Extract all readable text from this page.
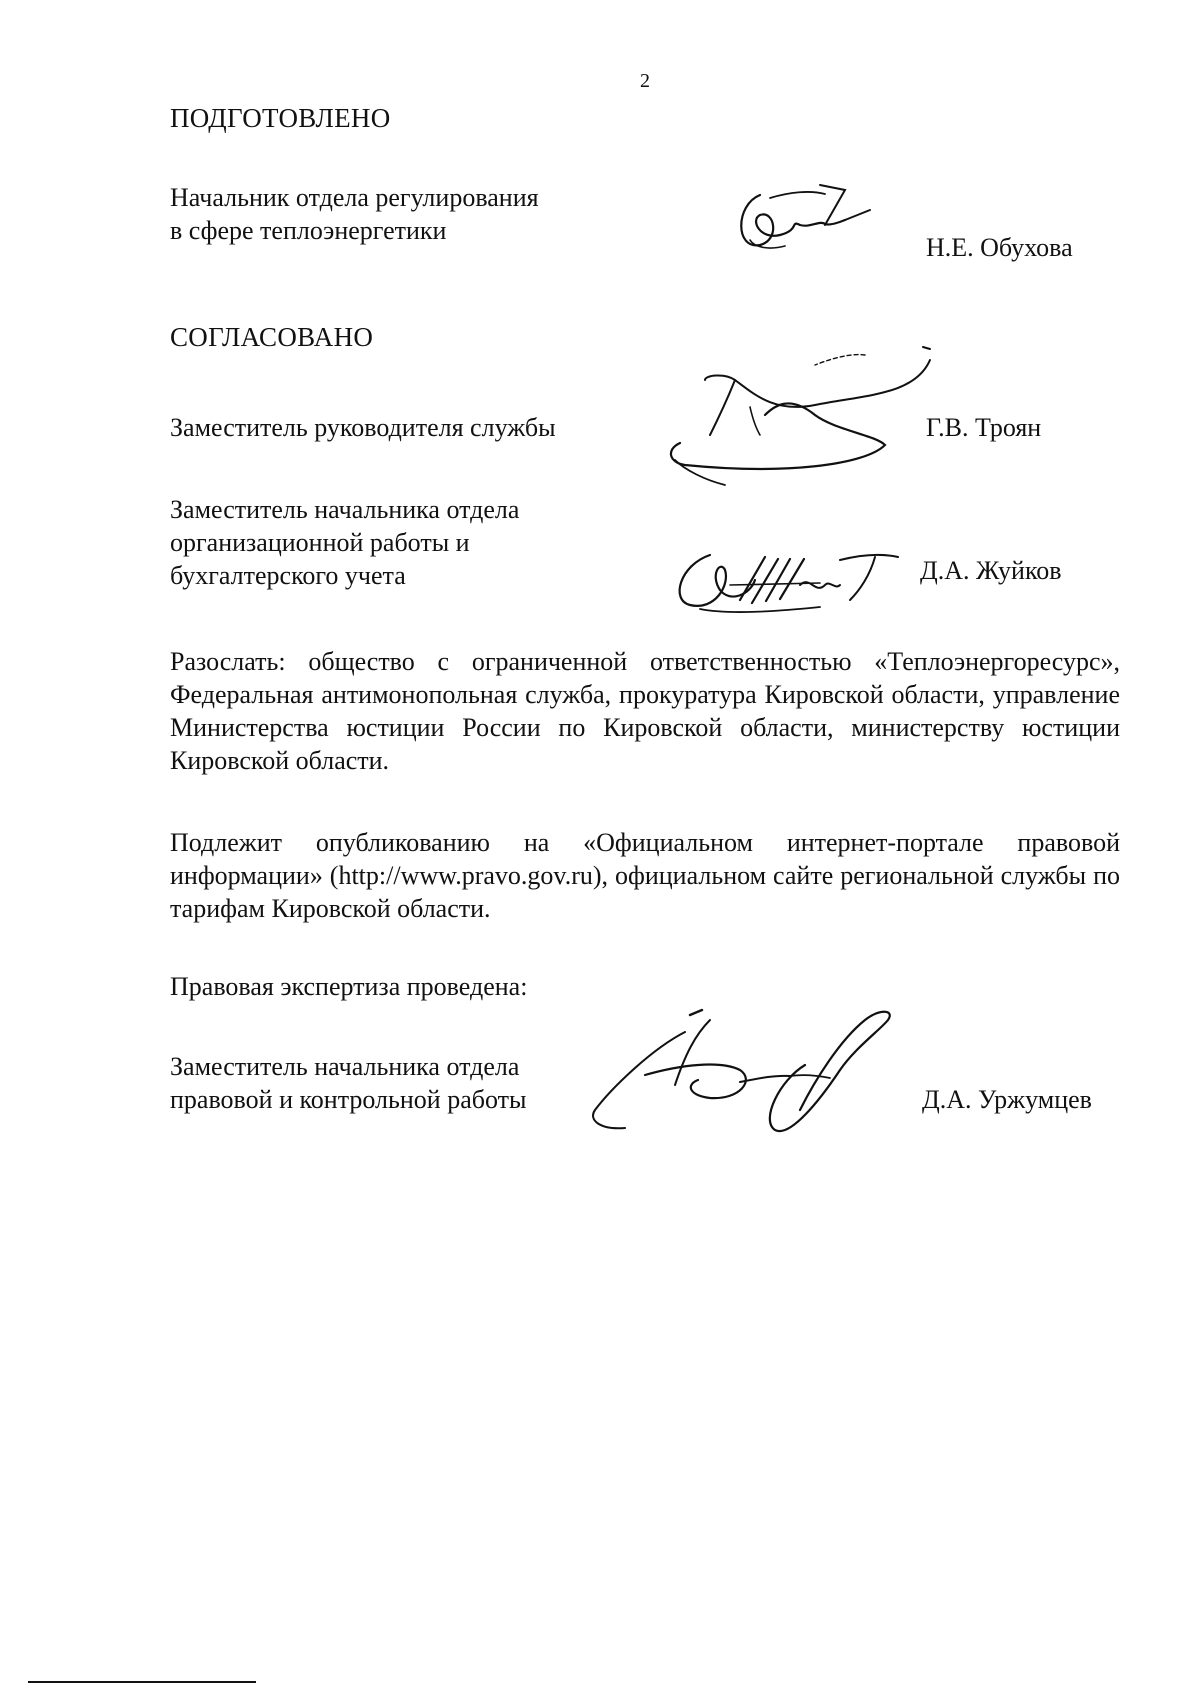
2
ПОДГОТОВЛЕНО
Начальник отдела регулирования
в сфере теплоэнергетики
Н.Е. Обухова
СОГЛАСОВАНО
Заместитель руководителя службы	Г.В. Троян
Заместитель начальника отдела
организационной работы и
бухгалтерского учета	Д.А. Жуйков

Разослать: общество с ограниченной ответственностью «Теплоэнергоресурс», Федеральная антимонопольная служба, прокуратура Кировской области, управление Министерства юстиции России по Кировской области, министерству юстиции Кировской области.

Подлежит опубликованию на «Официальном интернет-портале правовой информации» (http://www.pravo.gov.ru), официальном сайте региональной службы по тарифам Кировской области.

Правовая экспертиза проведена:
Заместитель начальника отдела
правовой и контрольной работы	Д.А. Уржумцев
